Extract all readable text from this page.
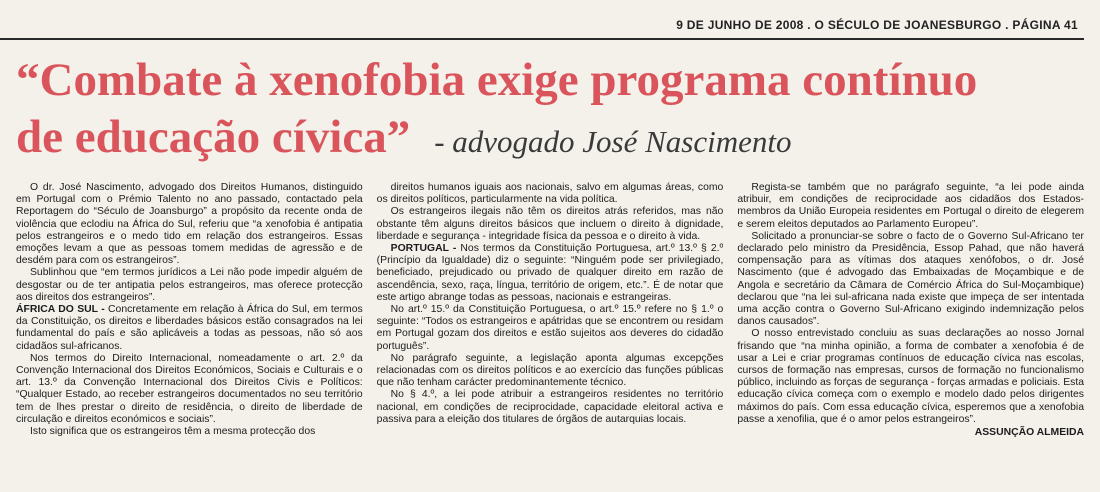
9 DE JUNHO DE 2008 . O SÉCULO DE JOANESBURGO . PÁGINA 41
“Combate à xenofobia exige programa contínuo
de educação cívica” - advogado José Nascimento

O dr. José Nascimento, advogado dos Direitos Humanos, distinguido em Portugal com o Prémio Talento no ano passado, contactado pela Reportagem do “Século de Joansburgo” a propósito da recente onda de violência que eclodiu na África do Sul, referiu que “a xenofobia é antipatia pelos estrangeiros e o medo tido em relação dos estrangeiros. Essas emoções levam a que as pessoas tomem medidas de agressão e de desdém para com os estrangeiros”.

Sublinhou que “em termos jurídicos a Lei não pode impedir alguém de desgostar ou de ter antipatia pelos estrangeiros, mas oferece protecção aos direitos dos estrangeiros”.

ÁFRICA DO SUL - Concretamente em relação à África do Sul, em termos da Constituição, os direitos e liberdades básicos estão consagrados na lei fundamental do país e são aplicáveis a todas as pessoas, não só aos cidadãos sul-africanos.

Nos termos do Direito Internacional, nomeadamente o art. 2.º da Convenção Internacional dos Direitos Económicos, Sociais e Culturais e o art. 13.º da Convenção Internacional dos Direitos Civis e Políticos: “Qualquer Estado, ao receber estrangeiros documentados no seu território tem de lhes prestar o direito de residência, o direito de liberdade de circulação e direitos económicos e sociais”.

Isto significa que os estrangeiros têm a mesma protecção dos

direitos humanos iguais aos nacionais, salvo em algumas áreas, como os direitos políticos, particularmente na vida política.

Os estrangeiros ilegais não têm os direitos atrás referidos, mas não obstante têm alguns direitos básicos que incluem o direito à dignidade, liberdade e segurança - integridade física da pessoa e o direito à vida.

PORTUGAL - Nos termos da Constituição Portuguesa, art.º 13.º § 2.º (Princípio da Igualdade) diz o seguinte: “Ninguém pode ser privilegiado, beneficiado, prejudicado ou privado de qualquer direito em razão de ascendência, sexo, raça, língua, território de origem, etc.”. É de notar que este artigo abrange todas as pessoas, nacionais e estrangeiras.

No art.º 15.º da Constituição Portuguesa, o art.º 15.º refere no § 1.º o seguinte: “Todos os estrangeiros e apátridas que se encontrem ou residam em Portugal gozam dos direitos e estão sujeitos aos deveres do cidadão português”.

No parágrafo seguinte, a legislação aponta algumas excepções relacionadas com os direitos políticos e ao exercício das funções públicas que não tenham carácter predominantemente técnico.

No § 4.º, a lei pode atribuir a estrangeiros residentes no território nacional, em condições de reciprocidade, capacidade eleitoral activa e passiva para a eleição dos titulares de órgãos de autarquias locais.

Regista-se também que no parágrafo seguinte, “a lei pode ainda atribuir, em condições de reciprocidade aos cidadãos dos Estados-membros da União Europeia residentes em Portugal o direito de elegerem e serem eleitos deputados ao Parlamento Europeu”.

Solicitado a pronunciar-se sobre o facto de o Governo Sul-Africano ter declarado pelo ministro da Presidência, Essop Pahad, que não haverá compensação para as vítimas dos ataques xenófobos, o dr. José Nascimento (que é advogado das Embaixadas de Moçambique e de Angola e secretário da Câmara de Comércio África do Sul-Moçambique) declarou que “na lei sul-africana nada existe que impeça de ser intentada uma acção contra o Governo Sul-Africano exigindo indemnização pelos danos causados”.

O nosso entrevistado concluiu as suas declarações ao nosso Jornal frisando que “na minha opinião, a forma de combater a xenofobia é de usar a Lei e criar programas contínuos de educação cívica nas escolas, cursos de formação nas empresas, cursos de formação no funcionalismo público, incluindo as forças de segurança - forças armadas e policiais. Esta educação cívica começa com o exemplo e modelo dado pelos dirigentes máximos do país. Com essa educação cívica, esperemos que a xenofobia passe a xenofilia, que é o amor pelos estrangeiros”.

ASSUNÇÃO ALMEIDA
